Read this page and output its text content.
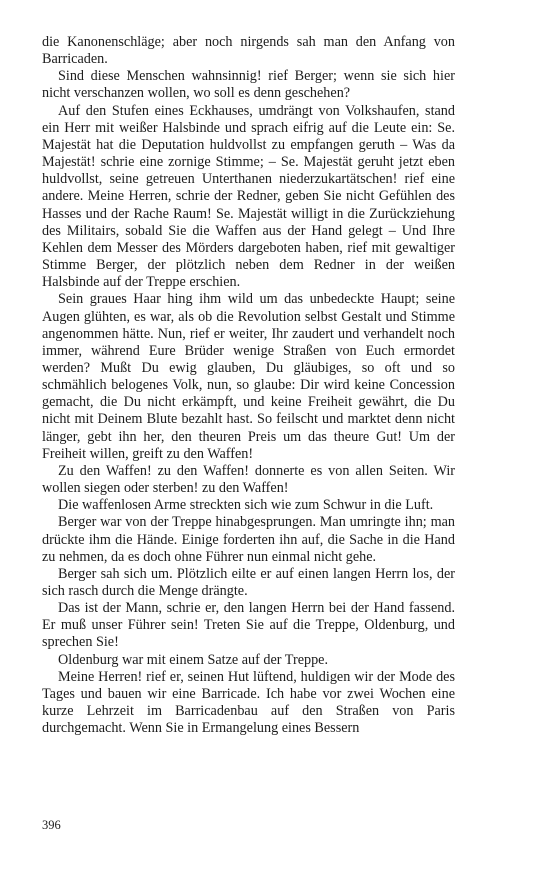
die Kanonenschläge; aber noch nirgends sah man den Anfang von Barricaden.

Sind diese Menschen wahnsinnig! rief Berger; wenn sie sich hier nicht verschanzen wollen, wo soll es denn geschehen?

Auf den Stufen eines Eckhauses, umdrängt von Volkshaufen, stand ein Herr mit weißer Halsbinde und sprach eifrig auf die Leute ein: Se. Majestät hat die Deputation huldvollst zu empfangen geruth – Was da Majestät! schrie eine zornige Stimme; – Se. Majestät geruht jetzt eben huldvollst, seine getreuen Unterthanen niederzukartätschen! rief eine andere. Meine Herren, schrie der Redner, geben Sie nicht Gefühlen des Hasses und der Rache Raum! Se. Majestät willigt in die Zurückziehung des Militairs, sobald Sie die Waffen aus der Hand gelegt – Und Ihre Kehlen dem Messer des Mörders dargeboten haben, rief mit gewaltiger Stimme Berger, der plötzlich neben dem Redner in der weißen Halsbinde auf der Treppe erschien.

Sein graues Haar hing ihm wild um das unbedeckte Haupt; seine Augen glühten, es war, als ob die Revolution selbst Gestalt und Stimme angenommen hätte. Nun, rief er weiter, Ihr zaudert und verhandelt noch immer, während Eure Brüder wenige Straßen von Euch ermordet werden? Mußt Du ewig glauben, Du gläubiges, so oft und so schmählich belogenes Volk, nun, so glaube: Dir wird keine Concession gemacht, die Du nicht erkämpft, und keine Freiheit gewährt, die Du nicht mit Deinem Blute bezahlt hast. So feilscht und marktet denn nicht länger, gebt ihn her, den theuren Preis um das theure Gut! Um der Freiheit willen, greift zu den Waffen!

Zu den Waffen! zu den Waffen! donnerte es von allen Seiten. Wir wollen siegen oder sterben! zu den Waffen!

Die waffenlosen Arme streckten sich wie zum Schwur in die Luft.

Berger war von der Treppe hinabgesprungen. Man umringte ihn; man drückte ihm die Hände. Einige forderten ihn auf, die Sache in die Hand zu nehmen, da es doch ohne Führer nun einmal nicht gehe.

Berger sah sich um. Plötzlich eilte er auf einen langen Herrn los, der sich rasch durch die Menge drängte.

Das ist der Mann, schrie er, den langen Herrn bei der Hand fassend. Er muß unser Führer sein! Treten Sie auf die Treppe, Oldenburg, und sprechen Sie!

Oldenburg war mit einem Satze auf der Treppe.

Meine Herren! rief er, seinen Hut lüftend, huldigen wir der Mode des Tages und bauen wir eine Barricade. Ich habe vor zwei Wochen eine kurze Lehrzeit im Barricadenbau auf den Straßen von Paris durchgemacht. Wenn Sie in Ermangelung eines Bessern

396
